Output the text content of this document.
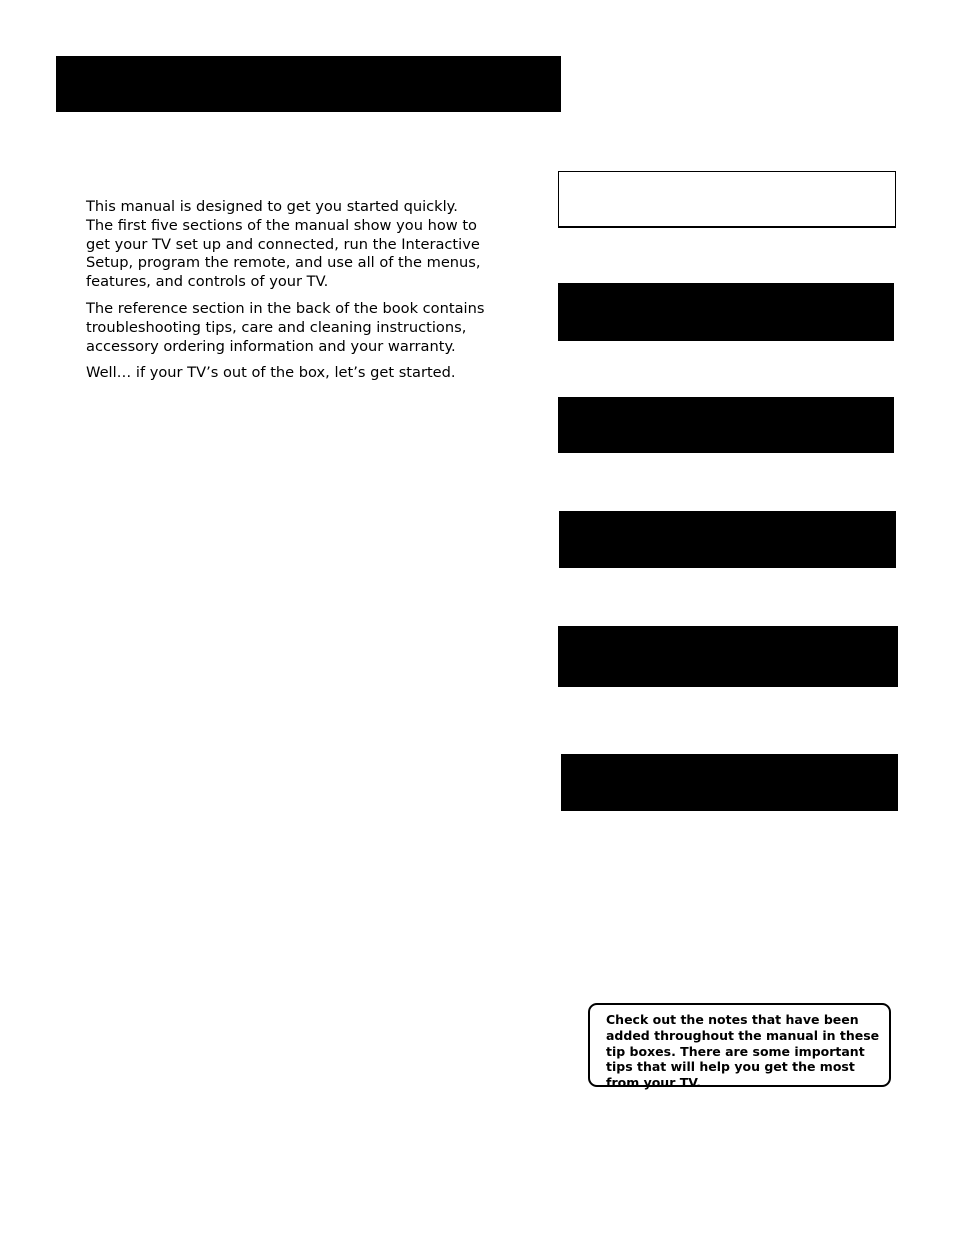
This manual is designed to get you started quickly. The first five sections of the manual show you how to get your TV set up and connected, run the Interactive Setup, program the remote, and use all of the menus, features, and controls of your TV.

The reference section in the back of the book contains troubleshooting tips, care and cleaning instructions, accessory ordering information and your warranty.

Well… if your TV’s out of the box, let’s get started.

Check out the notes that have been added throughout the manual in these tip boxes. There are some important tips that will help you get the most from your TV.
